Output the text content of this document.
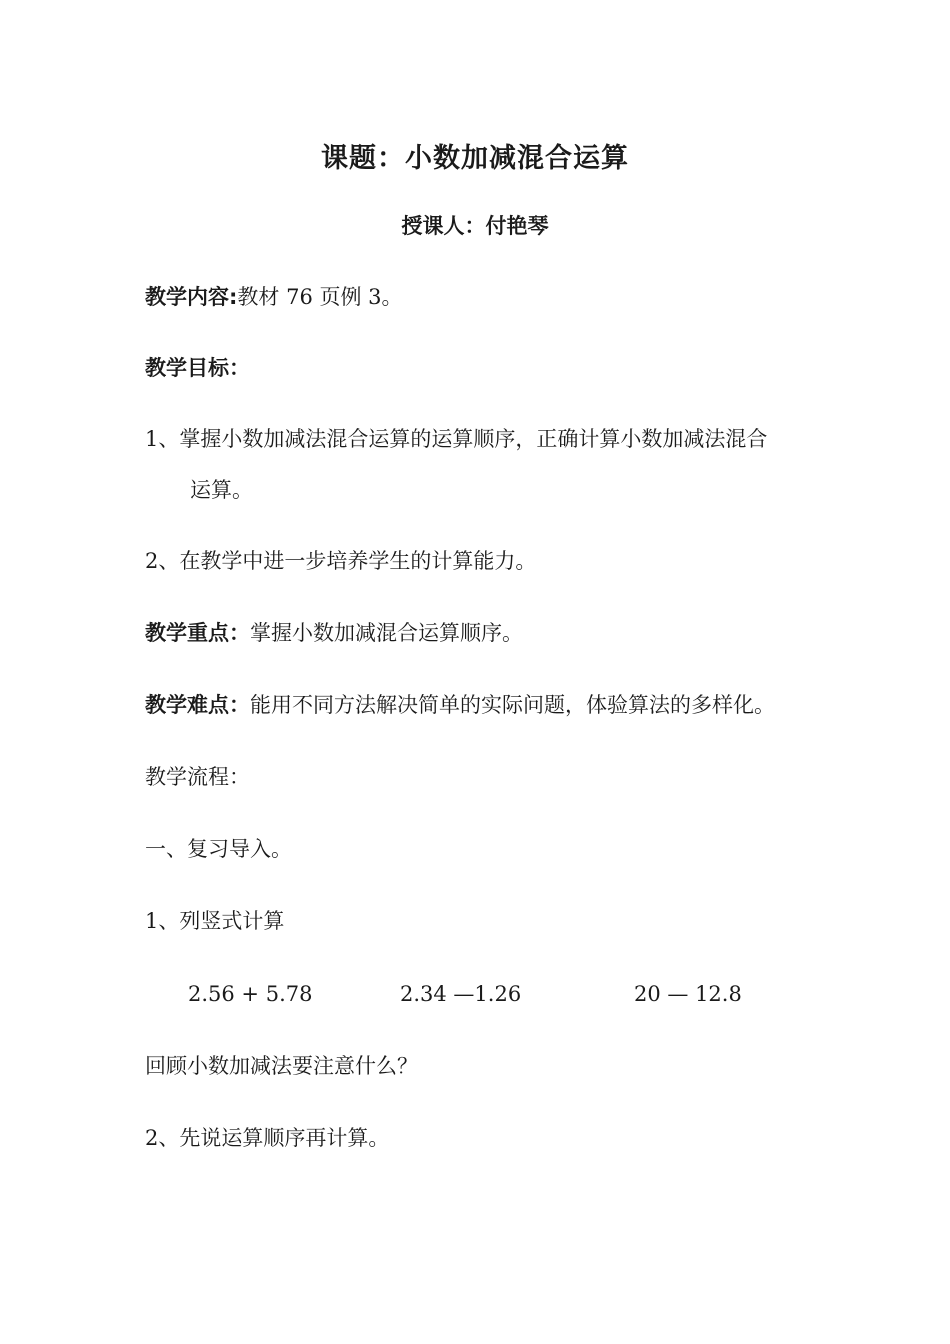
课题：小数加减混合运算
授课人：付艳琴
教学内容:教材 76 页例 3。
教学目标：
1、掌握小数加减法混合运算的运算顺序，正确计算小数加减法混合
运算。
2、在教学中进一步培养学生的计算能力。
教学重点：掌握小数加减混合运算顺序。
教学难点：能用不同方法解决简单的实际问题，体验算法的多样化。
教学流程：
一、复习导入。
1、列竖式计算
2.56 + 5.78	2.34 —1.26	20 — 12.8
回顾小数加减法要注意什么？
2、先说运算顺序再计算。
